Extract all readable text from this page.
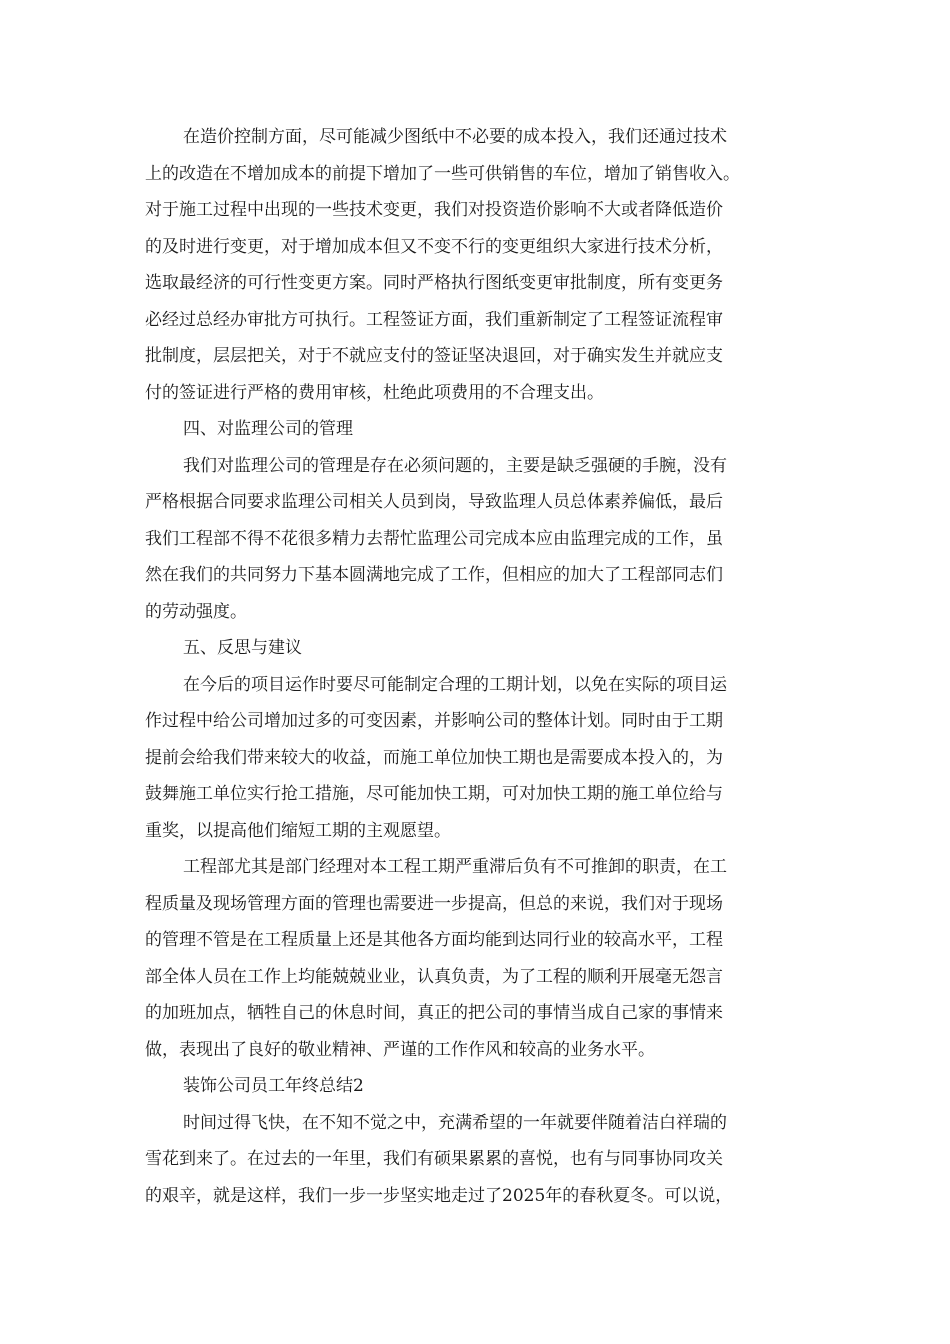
在造价控制方面，尽可能减少图纸中不必要的成本投入，我们还通过技术
上的改造在不增加成本的前提下增加了一些可供销售的车位，增加了销售收入。
对于施工过程中出现的一些技术变更，我们对投资造价影响不大或者降低造价
的及时进行变更，对于增加成本但又不变不行的变更组织大家进行技术分析，
选取最经济的可行性变更方案。同时严格执行图纸变更审批制度，所有变更务
必经过总经办审批方可执行。工程签证方面，我们重新制定了工程签证流程审
批制度，层层把关，对于不就应支付的签证坚决退回，对于确实发生并就应支
付的签证进行严格的费用审核，杜绝此项费用的不合理支出。
四、对监理公司的管理
我们对监理公司的管理是存在必须问题的，主要是缺乏强硬的手腕，没有
严格根据合同要求监理公司相关人员到岗，导致监理人员总体素养偏低，最后
我们工程部不得不花很多精力去帮忙监理公司完成本应由监理完成的工作，虽
然在我们的共同努力下基本圆满地完成了工作，但相应的加大了工程部同志们
的劳动强度。
五、反思与建议
在今后的项目运作时要尽可能制定合理的工期计划，以免在实际的项目运
作过程中给公司增加过多的可变因素，并影响公司的整体计划。同时由于工期
提前会给我们带来较大的收益，而施工单位加快工期也是需要成本投入的，为
鼓舞施工单位实行抢工措施，尽可能加快工期，可对加快工期的施工单位给与
重奖，以提高他们缩短工期的主观愿望。
工程部尤其是部门经理对本工程工期严重滞后负有不可推卸的职责，在工
程质量及现场管理方面的管理也需要进一步提高，但总的来说，我们对于现场
的管理不管是在工程质量上还是其他各方面均能到达同行业的较高水平，工程
部全体人员在工作上均能兢兢业业，认真负责，为了工程的顺利开展毫无怨言
的加班加点，牺牲自己的休息时间，真正的把公司的事情当成自己家的事情来
做，表现出了良好的敬业精神、严谨的工作作风和较高的业务水平。
装饰公司员工年终总结2
时间过得飞快，在不知不觉之中，充满希望的一年就要伴随着洁白祥瑞的
雪花到来了。在过去的一年里，我们有硕果累累的喜悦，也有与同事协同攻关
的艰辛，就是这样，我们一步一步坚实地走过了2025年的春秋夏冬。可以说，
